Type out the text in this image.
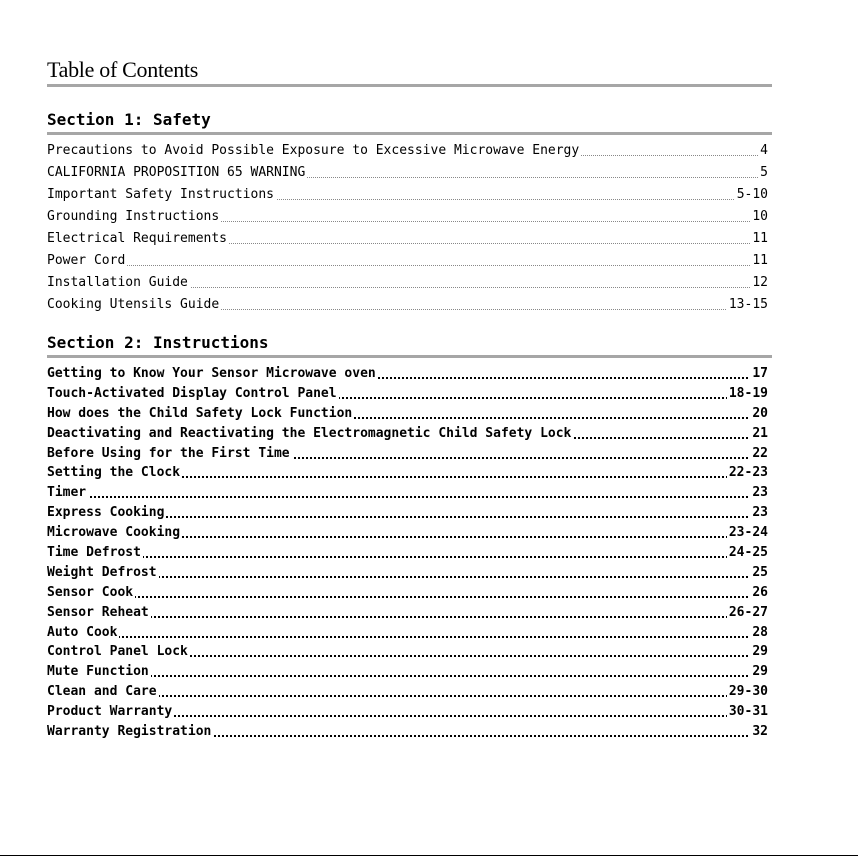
Table of Contents
Section 1: Safety
Precautions to Avoid Possible Exposure to Excessive Microwave Energy	4
CALIFORNIA PROPOSITION 65 WARNING	5
Important Safety Instructions	5-10
Grounding Instructions	10
Electrical Requirements	11
Power Cord	11
Installation Guide	12
Cooking Utensils Guide	13-15
Section 2: Instructions
Getting to Know Your Sensor Microwave oven	17
Touch-Activated Display Control Panel	18-19
How does the Child Safety Lock Function	20
Deactivating and Reactivating the Electromagnetic Child Safety Lock	21
Before Using for the First Time	22
Setting the Clock	22-23
Timer	23
Express Cooking	23
Microwave Cooking	23-24
Time Defrost	24-25
Weight Defrost	25
Sensor Cook	26
Sensor Reheat	26-27
Auto Cook	28
Control Panel Lock	29
Mute Function	29
Clean and Care	29-30
Product Warranty	30-31
Warranty Registration	32
